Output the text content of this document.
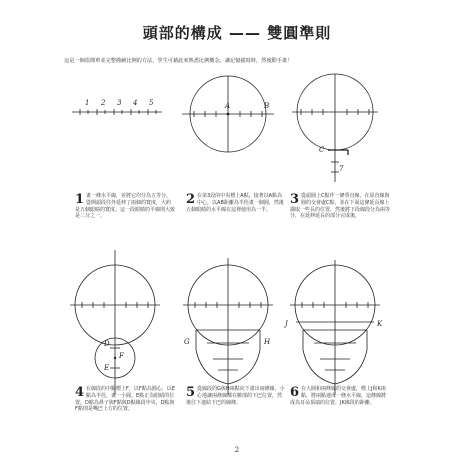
頭部的構成 —— 雙圓準則
這是一個很簡單並完整描繪比例的方法，學生可藉此來熟悉比例概念，讓記憶描寫時，然後動手畫！
1 2 3 4 5	A	B
C
7
D
E
F
G	H
J	K
1 畫一條水平線，並將它均分為五等分，從開頭段往外延伸了兩個的寬度，大約是五個眼睛的寬度。這一段眼睛的平線則大致是二分之一。
2 在第3段的中央標上A點，接著以A點為中心，以AB距離為半徑畫一個圓，然後五個眼睛的水平線在這裡使用為一半。
3 從頭圓上C點作一條垂直線，在原直線與圓的交會處C點，並在下面這條延長線上擷取一些長的位置，然後將下段線段分為兩等分，在延伸延長的部分完成後，
4 在線段的中點標上F，以F點為圓心，以E點為半徑，畫一小圓。E點正為眼睛的位置，D點為鼻子與F點與D點線段中央，D點與F點則是嘴巴上方的位置。
5 從線段的G與H兩點向下畫出兩條線，小心地讓兩條線都在臉部的下巴位置，然後往下連結下巴的線條。
6 在大圓和兩條線的交會處，標上J和K兩點，將兩點連成一條水平線，這條線將成為耳朵頂端的位置，JK線段的距離。
2
